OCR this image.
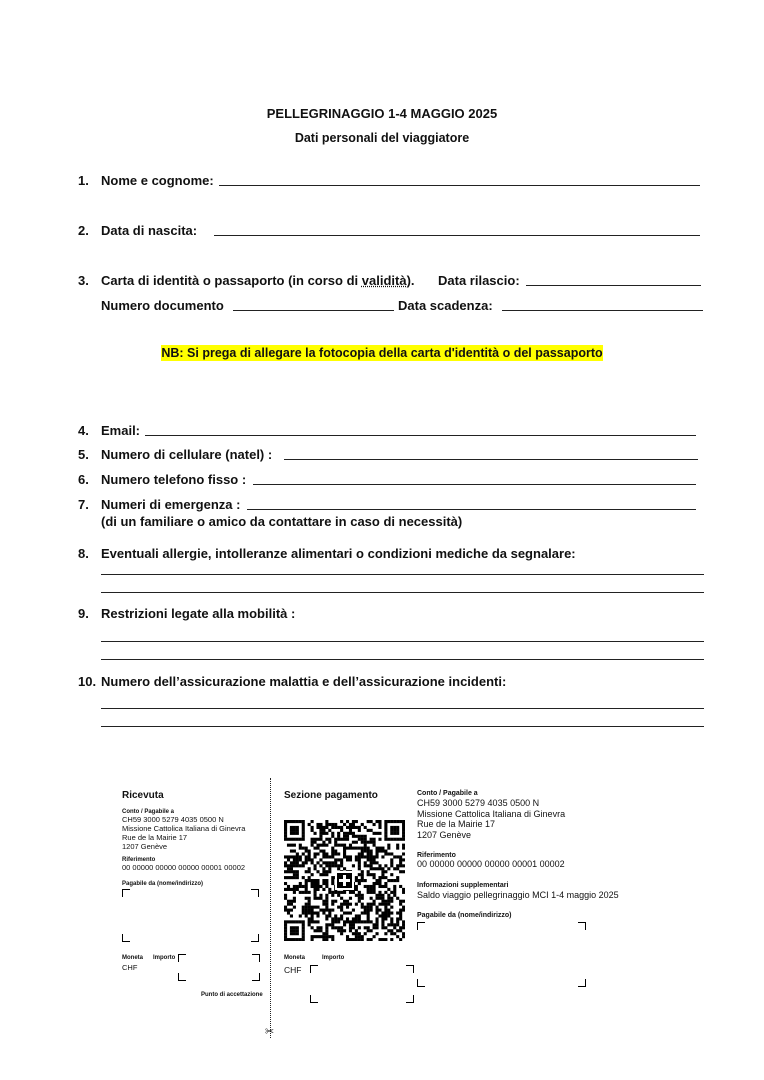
PELLEGRINAGGIO 1-4 MAGGIO 2025
Dati personali del viaggiatore
1. Nome e cognome:
2. Data di nascita:
3. Carta di identità o passaporto (in corso di validità). Data rilascio:
Numero documento	Data scadenza:
NB: Si prega di allegare la fotocopia della carta d'identità o del passaporto
4. Email:
5. Numero di cellulare (natel) :
6. Numero telefono fisso :
7. Numeri di emergenza :
(di un familiare o amico da contattare in caso di necessità)
8. Eventuali allergie, intolleranze alimentari o condizioni mediche da segnalare:
9. Restrizioni legate alla mobilità :
10. Numero dell’assicurazione malattia e dell’assicurazione incidenti:
✂
Ricevuta
Conto / Pagabile a
CH59 3000 5279 4035 0500 N
Missione Cattolica Italiana di Ginevra
Rue de la Mairie 17
1207 Genève
Riferimento
00 00000 00000 00000 00001 00002
Pagabile da (nome/indirizzo)
Moneta Importo
CHF
Punto di accettazione
Sezione pagamento
Moneta	Importo
CHF
Conto / Pagabile a
CH59 3000 5279 4035 0500 N
Missione Cattolica Italiana di Ginevra
Rue de la Mairie 17
1207 Genève
Riferimento
00 00000 00000 00000 00001 00002
Informazioni supplementari
Saldo viaggio pellegrinaggio MCI 1-4 maggio 2025
Pagabile da (nome/indirizzo)
